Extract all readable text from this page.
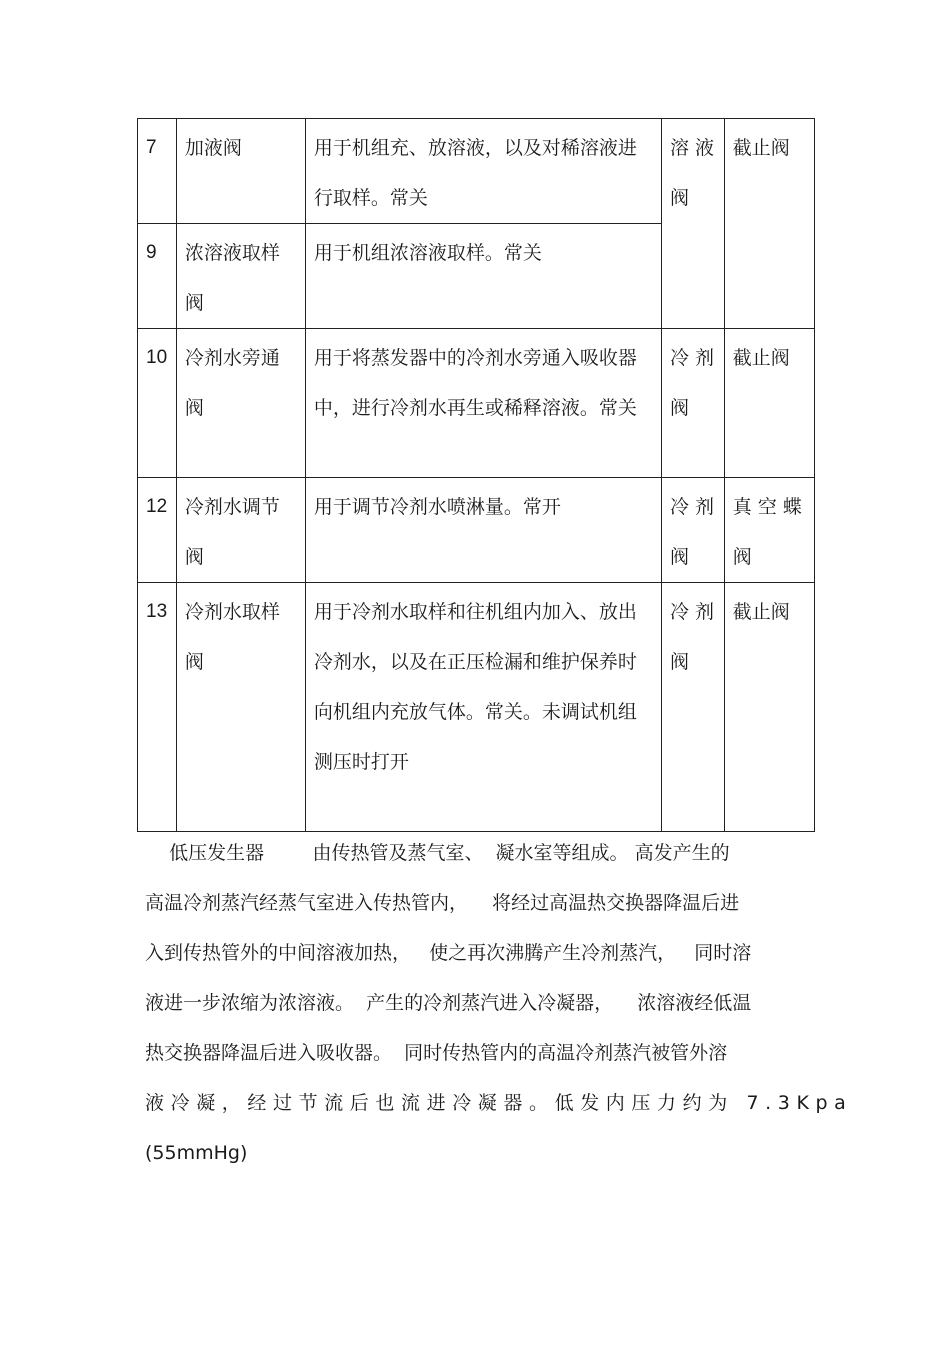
7	加液阀	用于机组充、放溶液，以及对稀溶液进行取样。常关	溶 液阀	截止阀

9	浓溶液取样阀	用于机组浓溶液取样。常关		

10	冷剂水旁通阀	用于将蒸发器中的冷剂水旁通入吸收器中，进行冷剂水再生或稀释溶液。常关	冷 剂阀	截止阀

12	冷剂水调节阀	用于调节冷剂水喷淋量。常开	冷 剂阀	真 空 蝶阀

13	冷剂水取样阀	用于冷剂水取样和往机组内加入、放出冷剂水，以及在正压检漏和维护保养时向机组内充放气体。常关。未调试机组测压时打开	冷 剂阀	截止阀
低压发生器        由传热管及蒸气室、  凝水室等组成。 高发产生的
高温冷剂蒸汽经蒸气室进入传热管内，    将经过高温热交换器降温后进
入到传热管外的中间溶液加热，   使之再次沸腾产生冷剂蒸汽，   同时溶
液进一步浓缩为浓溶液。  产生的冷剂蒸汽进入冷凝器，    浓溶液经低温
热交换器降温后进入吸收器。  同时传热管内的高温冷剂蒸汽被管外溶
液冷凝，经过节流后也流进冷凝器。低发内压力约为 7.3Kpa
(55mmHg)
